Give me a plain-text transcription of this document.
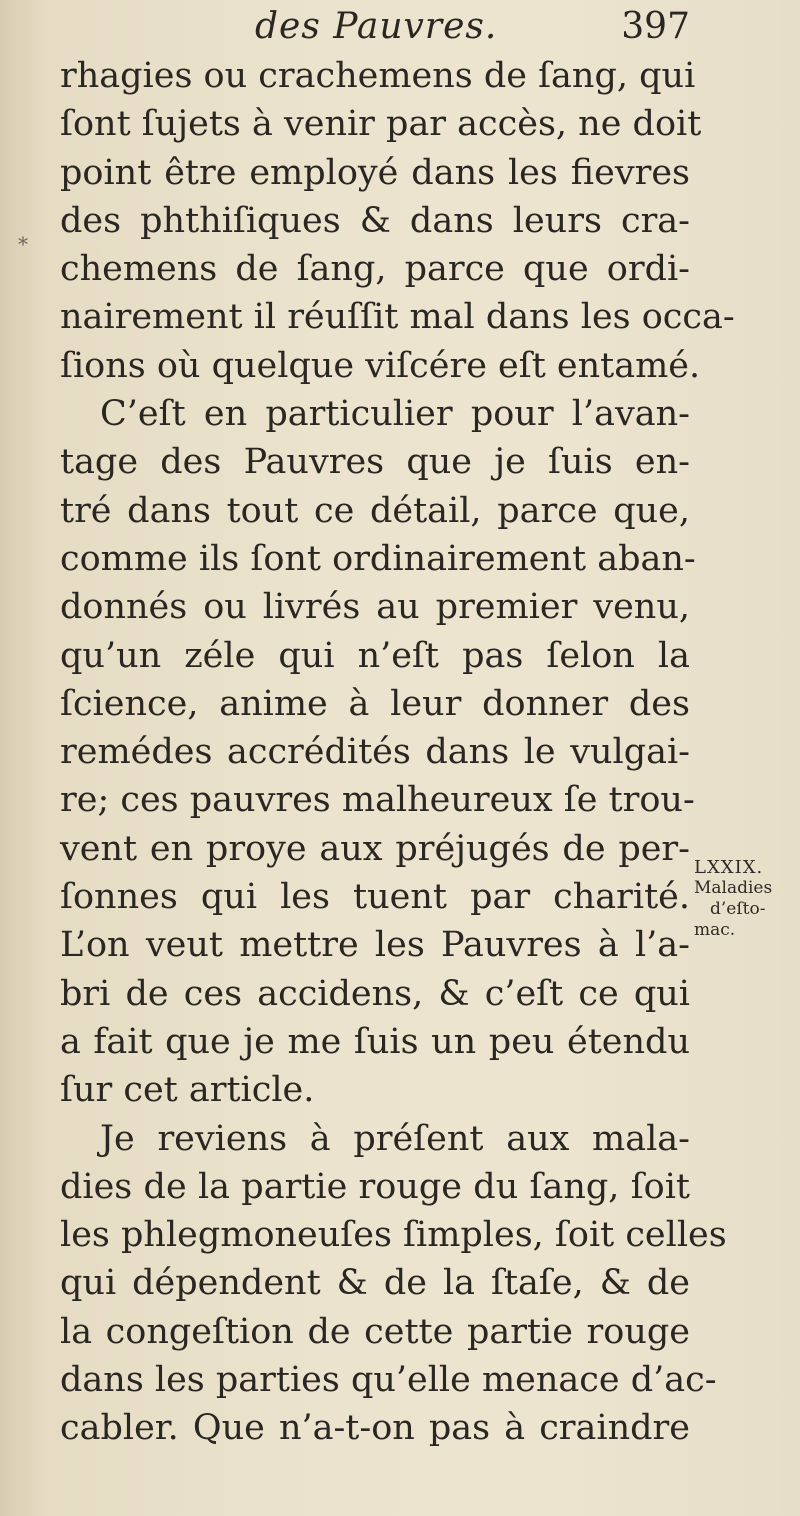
des Pauvres.	397
*
rhagies ou crachemens de ſang, qui
ſont ſujets à venir par accès, ne doit
point être employé dans les fievres
des phthiſiques & dans leurs cra-
chemens de ſang, parce que ordi-
nairement il réuſſit mal dans les occa-
ſions où quelque viſcére eſt entamé.
C’eſt en particulier pour l’avan-
tage des Pauvres que je ſuis en-
tré dans tout ce détail, parce que,
comme ils ſont ordinairement aban-
donnés ou livrés au premier venu,
qu’un zéle qui n’eſt pas ſelon la
ſcience, anime à leur donner des
remédes accrédités dans le vulgai-
re; ces pauvres malheureux ſe trou-
vent en proye aux préjugés de per-
ſonnes qui les tuent par charité.
L’on veut mettre les Pauvres à l’a-
bri de ces accidens, & c’eſt ce qui
a fait que je me ſuis un peu étendu
ſur cet article.
Je reviens à préſent aux mala-
dies de la partie rouge du ſang, ſoit
les phlegmoneuſes ſimples, ſoit celles
qui dépendent & de la ſtaſe, & de
la congeſtion de cette partie rouge
dans les parties qu’elle menace d’ac-
cabler. Que n’a-t-on pas à craindre
LXXIX.
Maladies
d’eſto-
mac.
